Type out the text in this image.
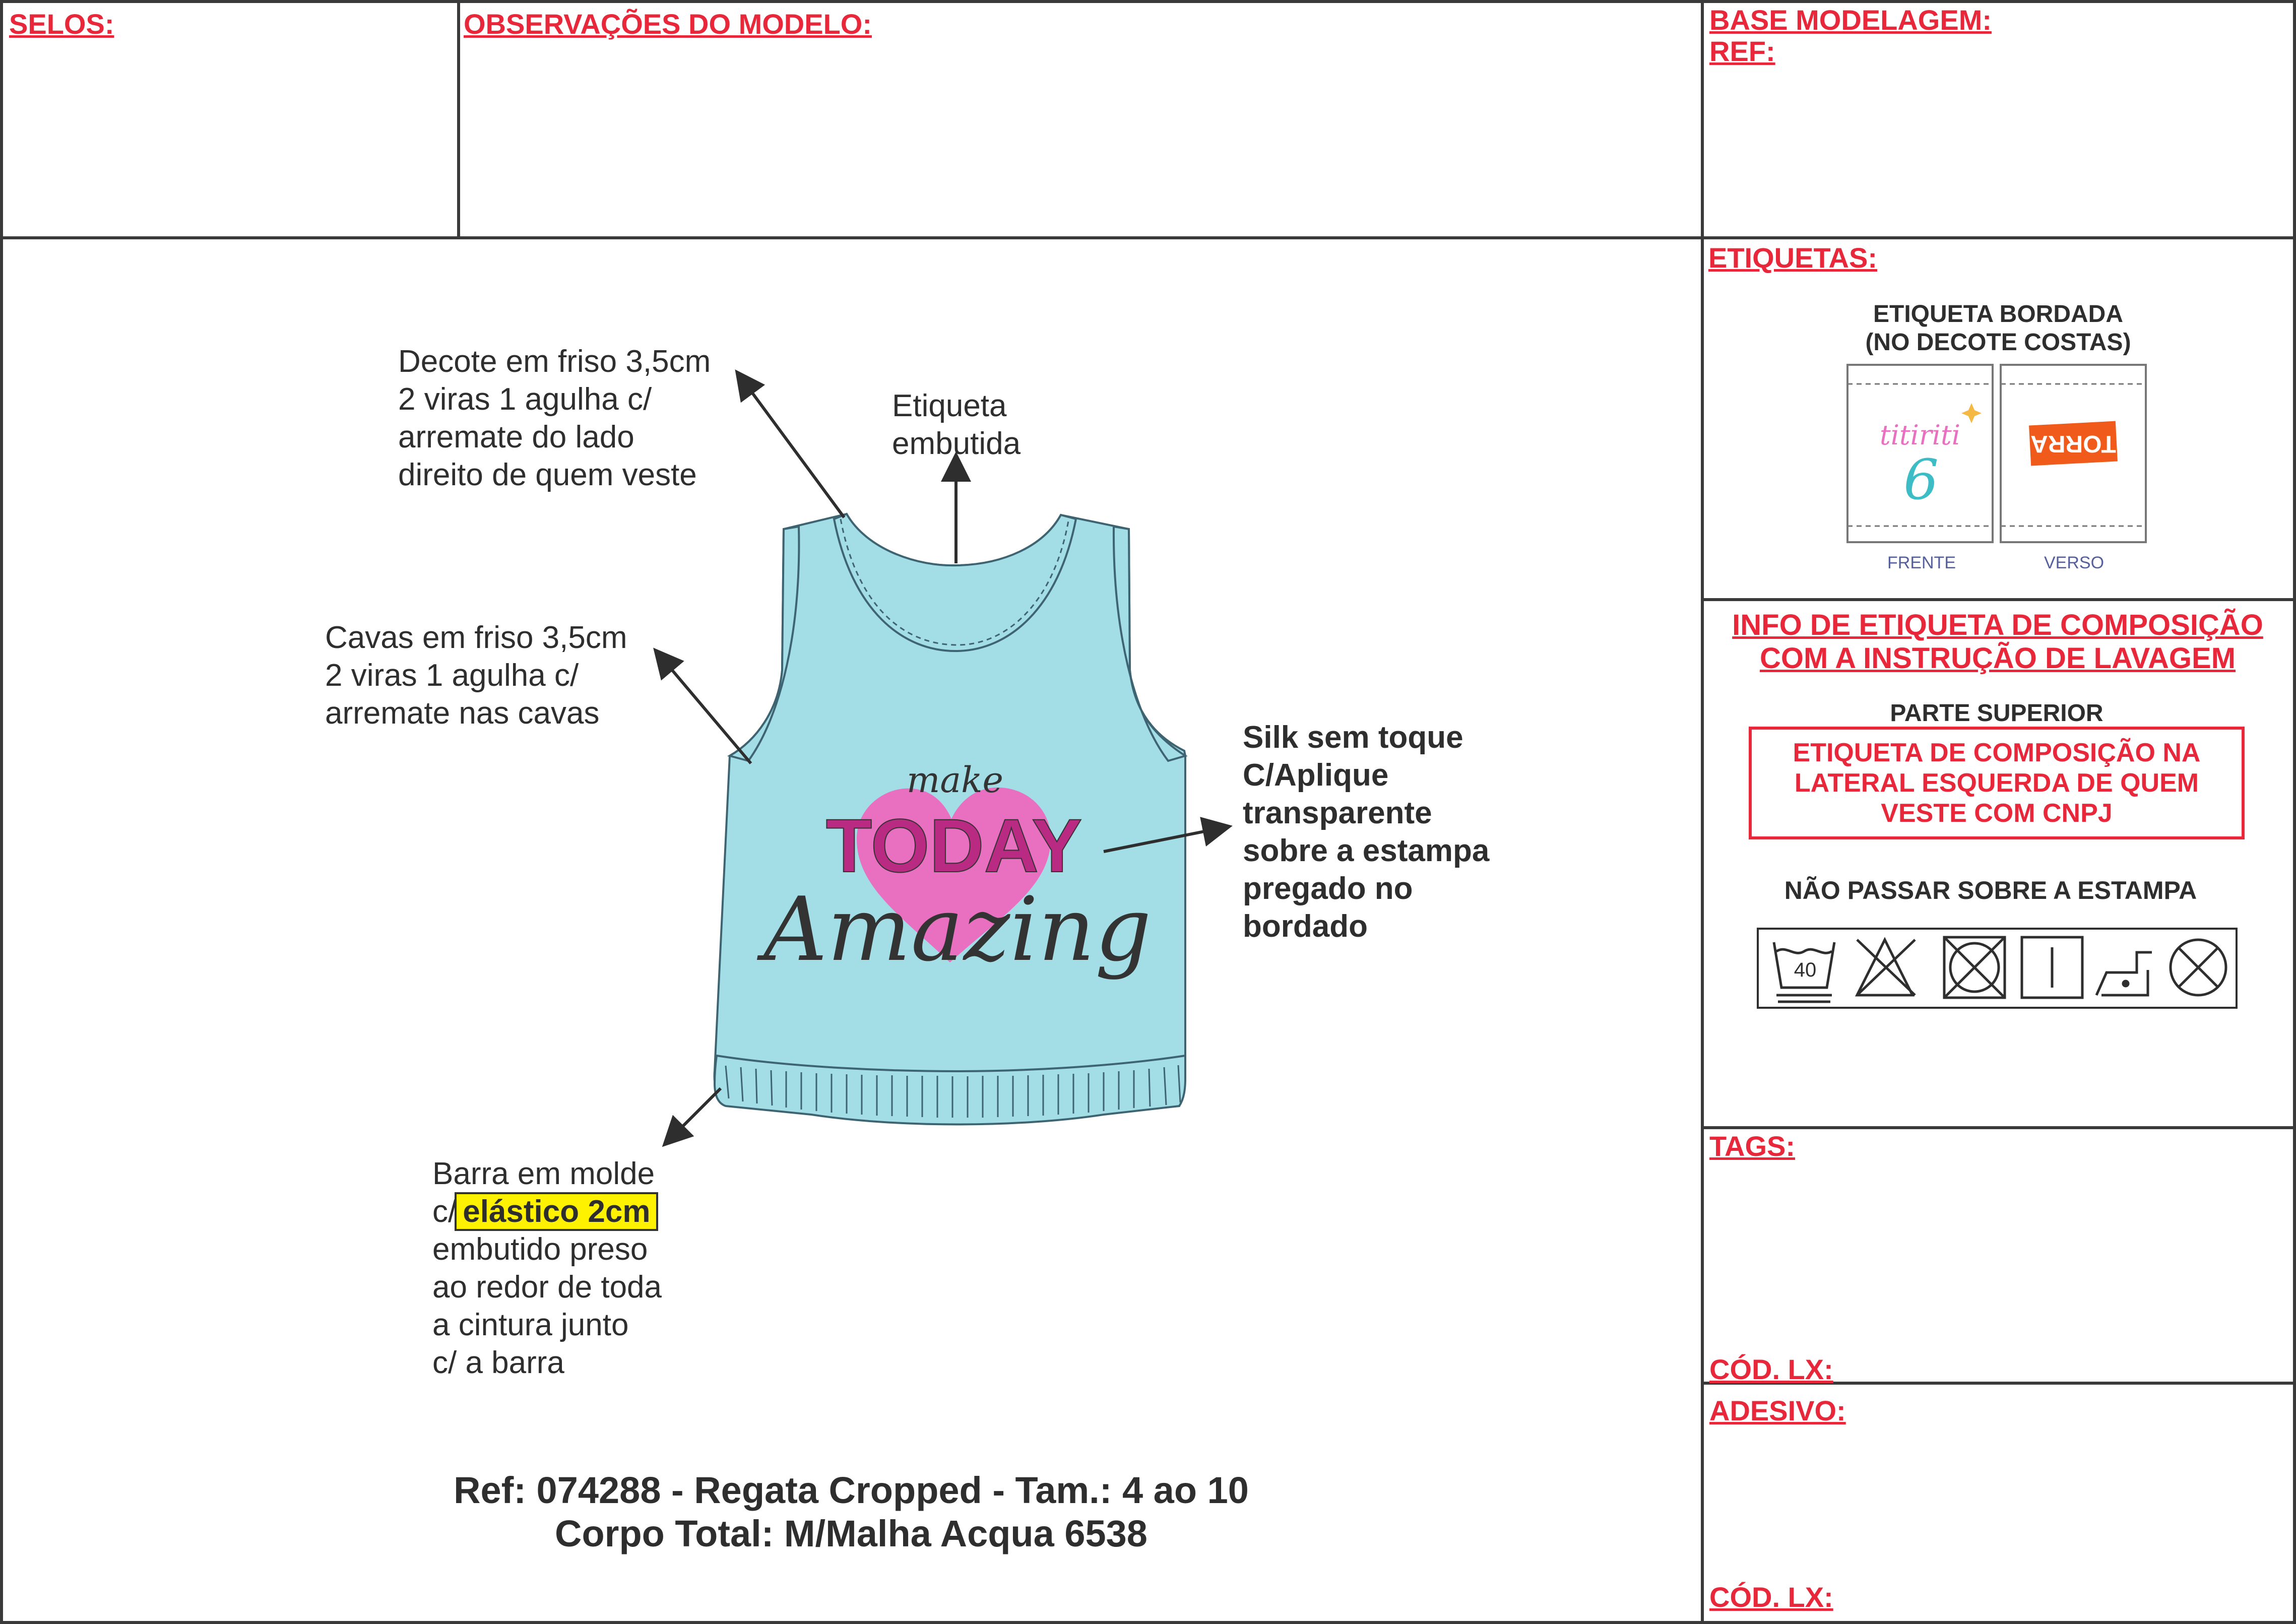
make
TODAY
Amazing
titiriti
6
TORRA
40
SELOS:	OBSERVAÇÕES DO MODELO:	BASE MODELAGEM:
REF:
ETIQUETAS:
ETIQUETA BORDADA
(NO DECOTE COSTAS)
FRENTE	VERSO
INFO DE ETIQUETA DE COMPOSIÇÃO
COM A INSTRUÇÃO DE LAVAGEM
PARTE SUPERIOR
ETIQUETA DE COMPOSIÇÃO NA
LATERAL ESQUERDA DE QUEM
VESTE COM CNPJ
NÃO PASSAR SOBRE A ESTAMPA
TAGS:
CÓD. LX:
ADESIVO:
CÓD. LX:
Decote em friso 3,5cm
2 viras 1 agulha c/
arremate do lado
direito de quem veste
Etiqueta
embutida
Cavas em friso 3,5cm
2 viras 1 agulha c/
arremate nas cavas
Silk sem toque
C/Aplique
transparente
sobre a estampa
pregado no
bordado
Barra em molde
c/ elástico 2cm
embutido preso
ao redor de toda
a cintura junto
c/ a barra
Ref: 074288 - Regata Cropped - Tam.: 4 ao 10
Corpo Total: M/Malha Acqua 6538
